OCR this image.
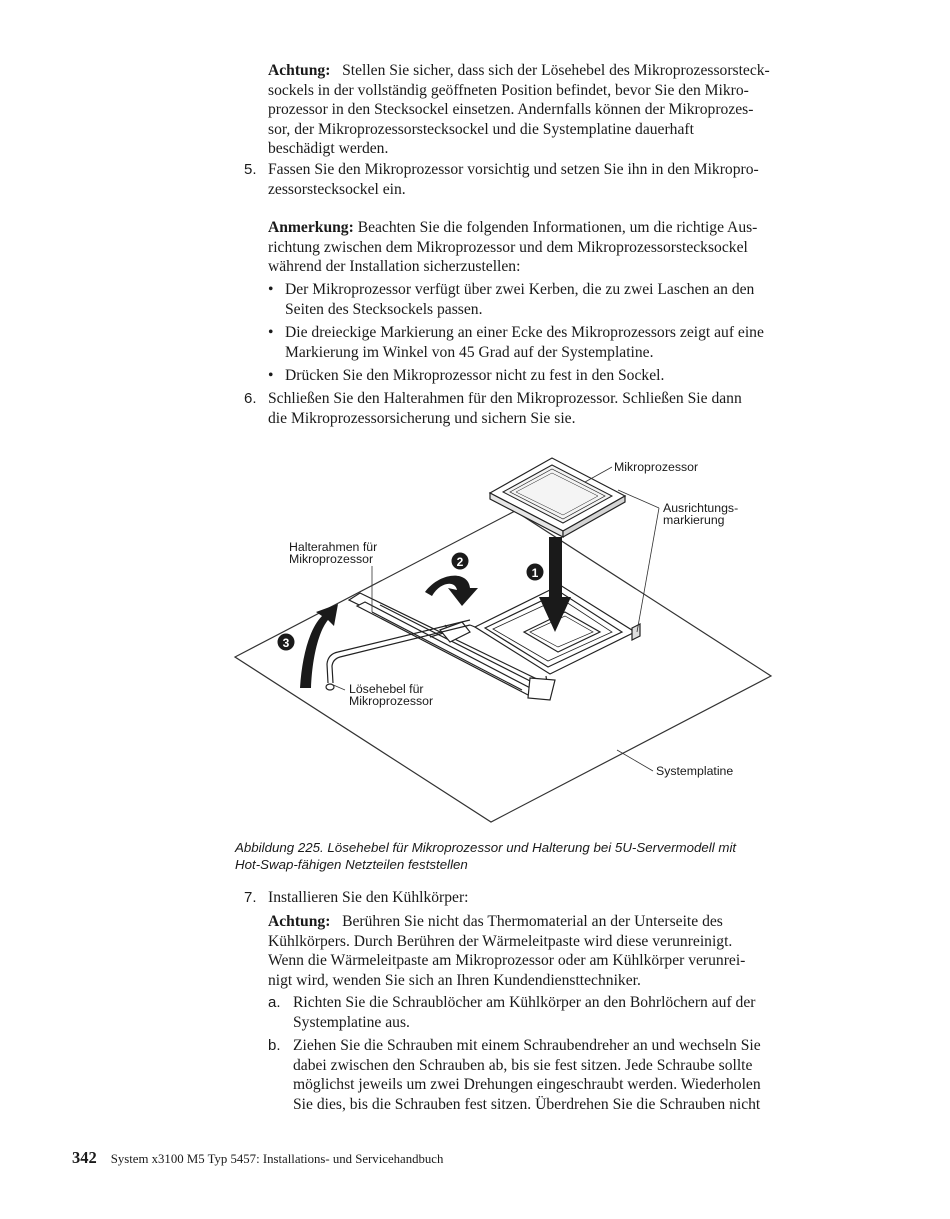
Achtung: Stellen Sie sicher, dass sich der Lösehebel des Mikroprozessorsteck-

sockels in der vollständig geöffneten Position befindet, bevor Sie den Mikro-

prozessor in den Stecksockel einsetzen. Andernfalls können der Mikroprozes-

sor, der Mikroprozessorstecksockel und die Systemplatine dauerhaft

beschädigt werden.

5. Fassen Sie den Mikroprozessor vorsichtig und setzen Sie ihn in den Mikropro-

zessorstecksockel ein.

Anmerkung: Beachten Sie die folgenden Informationen, um die richtige Aus-

richtung zwischen dem Mikroprozessor und dem Mikroprozessorstecksockel

während der Installation sicherzustellen:

• Der Mikroprozessor verfügt über zwei Kerben, die zu zwei Laschen an den

Seiten des Stecksockels passen.

• Die dreieckige Markierung an einer Ecke des Mikroprozessors zeigt auf eine

Markierung im Winkel von 45 Grad auf der Systemplatine.

• Drücken Sie den Mikroprozessor nicht zu fest in den Sockel.

6. Schließen Sie den Halterahmen für den Mikroprozessor. Schließen Sie dann

die Mikroprozessorsicherung und sichern Sie sie.

1
2
3
Mikroprozessor
Ausrichtungs-
markierung
Halterahmen für
Mikroprozessor
Lösehebel für
Mikroprozessor
Systemplatine
Abbildung 225. Lösehebel für Mikroprozessor und Halterung bei 5U-Servermodell mit
Hot-Swap-fähigen Netzteilen feststellen
7. Installieren Sie den Kühlkörper:

Achtung: Berühren Sie nicht das Thermomaterial an der Unterseite des

Kühlkörpers. Durch Berühren der Wärmeleitpaste wird diese verunreinigt.

Wenn die Wärmeleitpaste am Mikroprozessor oder am Kühlkörper verunrei-

nigt wird, wenden Sie sich an Ihren Kundendiensttechniker.

a. Richten Sie die Schraublöcher am Kühlkörper an den Bohrlöchern auf der

Systemplatine aus.

b. Ziehen Sie die Schrauben mit einem Schraubendreher an und wechseln Sie

dabei zwischen den Schrauben ab, bis sie fest sitzen. Jede Schraube sollte

möglichst jeweils um zwei Drehungen eingeschraubt werden. Wiederholen

Sie dies, bis die Schrauben fest sitzen. Überdrehen Sie die Schrauben nicht

342 System x3100 M5 Typ 5457: Installations- und Servicehandbuch
